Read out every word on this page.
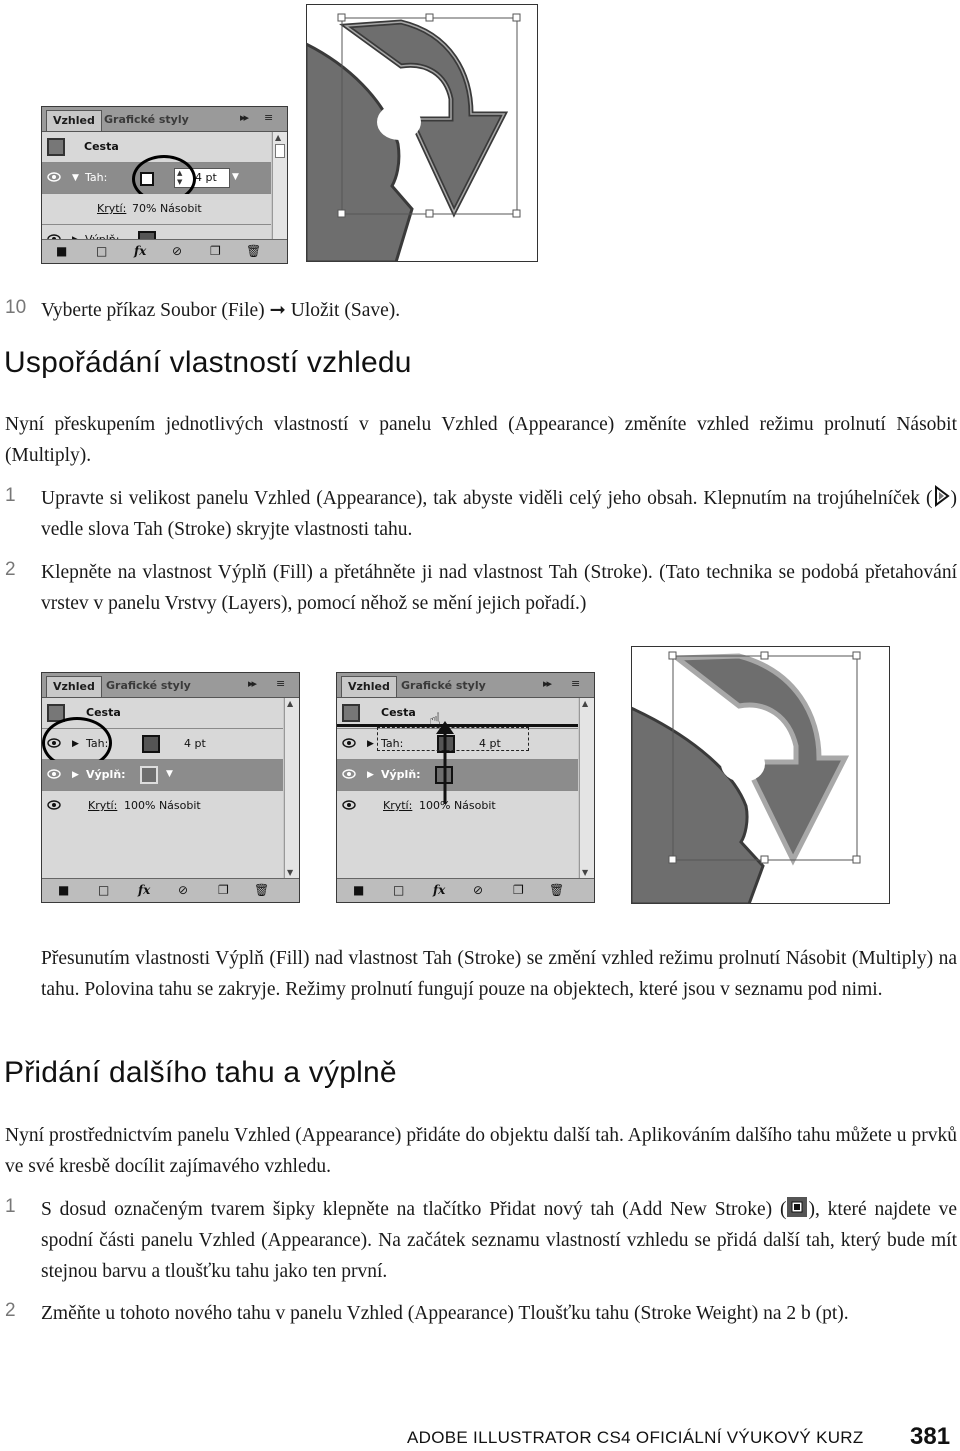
Vzhled Grafické styly	▸▸ ≡
Cesta
▼ Tah:	▲
▼ 4 pt ▼
Krytí: 70% Násobit
▲
■ □ fx ⊘ ❐ 🗑
10 Vyberte příkaz Soubor (File) ➞ Uložit (Save).
Uspořádání vlastností vzhledu
Nyní přeskupením jednotlivých vlastností v panelu Vzhled (Appearance) změníte vzhled režimu prolnutí Násobit (Multiply).
1 Upravte si velikost panelu Vzhled (Appearance), tak abyste viděli celý jeho obsah. Klepnutím na trojúhelníček ( ) vedle slova Tah (Stroke) skryjte vlastnosti tahu.
2 Klepněte na vlastnost Výplň (Fill) a přetáhněte ji nad vlastnost Tah (Stroke). (Tato technika se podobá přetahování vrstev v panelu Vrstvy (Layers), pomocí něhož se mění jejich pořadí.)
Vzhled	Grafické styly	▸▸ ≡
Cesta
▶ Tah:	4 pt
▶ Výplň:	▼
Krytí: 100% Násobit
▲
▼
■ □ fx ⊘ ❐ 🗑
Vzhled	Grafické styly	▸▸ ≡
Cesta
▶ Tah:	4 pt
▶ Výplň:
Krytí: 100% Násobit
☝
▲
▼
■ □ fx ⊘ ❐ 🗑
Přesunutím vlastnosti Výplň (Fill) nad vlastnost Tah (Stroke) se změní vzhled režimu prolnutí Násobit (Multiply) na tahu. Polovina tahu se zakryje. Režimy prolnutí fungují pouze na objektech, které jsou v seznamu pod nimi.
Přidání dalšího tahu a výplně
Nyní prostřednictvím panelu Vzhled (Appearance) přidáte do objektu další tah. Aplikováním dalšího tahu můžete u prvků ve své kresbě docílit zajímavého vzhledu.
1 S dosud označeným tvarem šipky klepněte na tlačítko Přidat nový tah (Add New Stroke) ( ), které najdete ve spodní části panelu Vzhled (Appearance). Na začátek seznamu vlastností vzhledu se přidá další tah, který bude mít stejnou barvu a tloušťku tahu jako ten první.
2 Změňte u tohoto nového tahu v panelu Vzhled (Appearance) Tloušťku tahu (Stroke Weight) na 2 b (pt).
ADOBE ILLUSTRATOR CS4 OFICIÁLNÍ VÝUKOVÝ KURZ 381
